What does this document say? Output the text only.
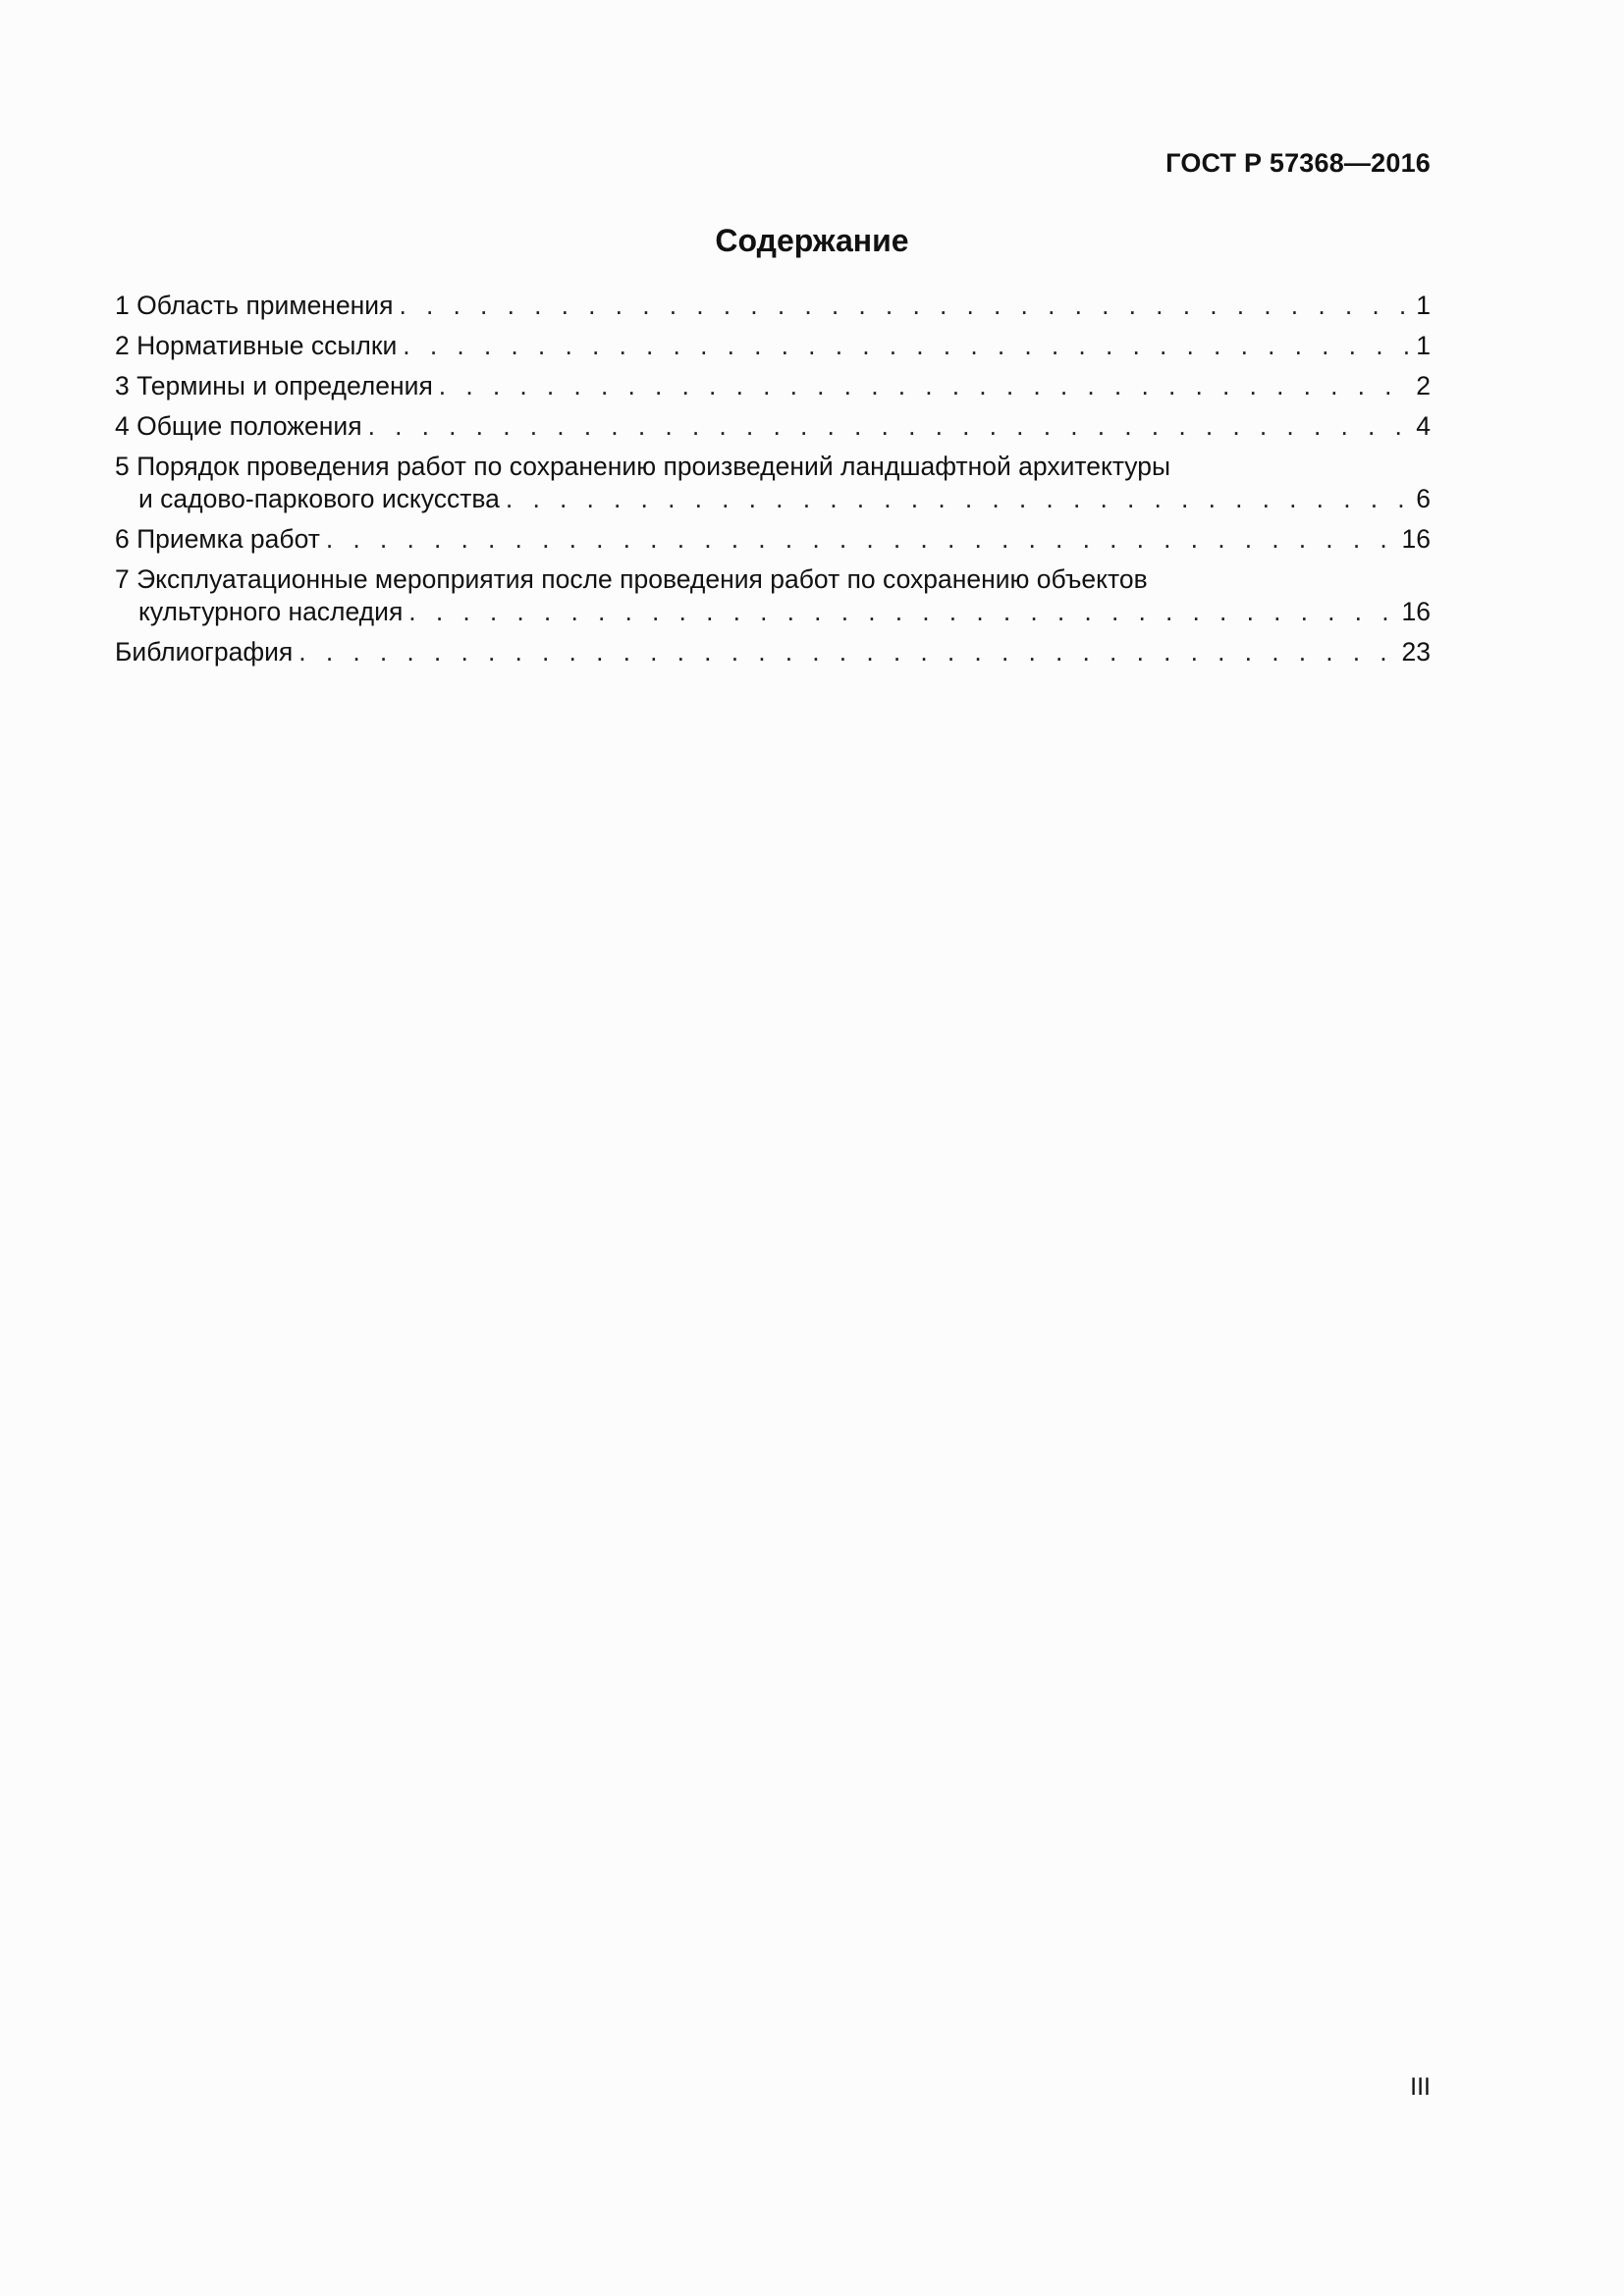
ГОСТ Р 57368—2016
Содержание
1 Область применения . . .	1
2 Нормативные ссылки . . .	1
3 Термины и определения . . .	2
4 Общие положения . . .	4
5 Порядок проведения работ по сохранению произведений ландшафтной архитектуры
и садово-паркового искусства . . .	6
6 Приемка работ . . .	16
7 Эксплуатационные мероприятия после проведения работ по сохранению объектов
культурного наследия . . .	16
Библиография . . .	23
III
